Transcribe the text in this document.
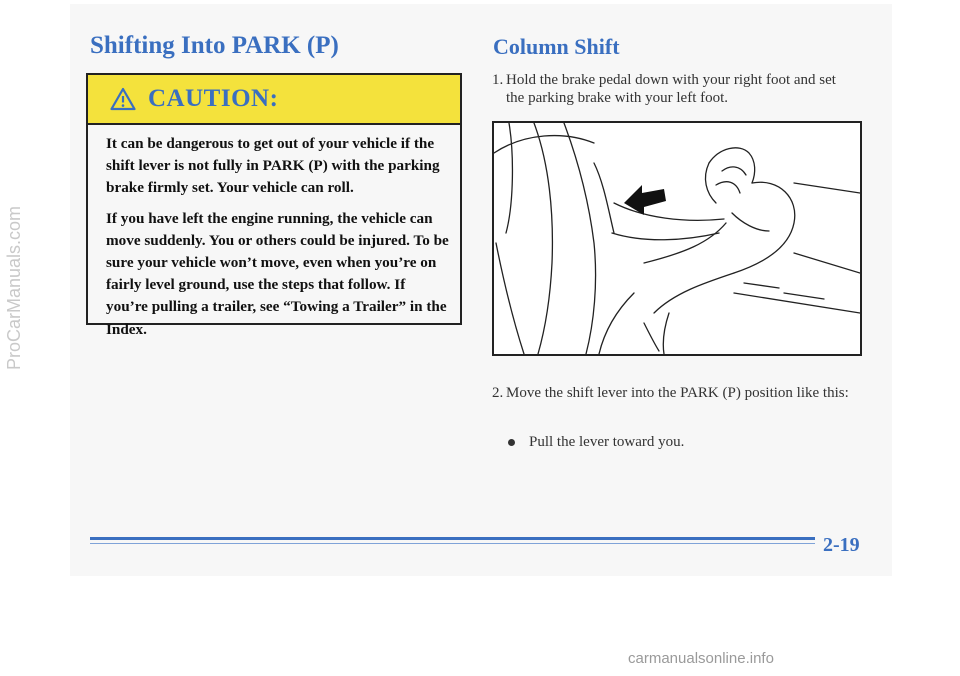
Shifting Into PARK (P)
CAUTION:

It can be dangerous to get out of your vehicle if the shift lever is not fully in PARK (P) with the parking brake firmly set. Your vehicle can roll.

If you have left the engine running, the vehicle can move suddenly. You or others could be injured. To be sure your vehicle won’t move, even when you’re on fairly level ground, use the steps that follow. If you’re pulling a trailer, see “Towing a Trailer” in the Index.

Column Shift
1. Hold the brake pedal down with your right foot and set the parking brake with your left foot.
2. Move the shift lever into the PARK (P) position like this:
Pull the lever toward you.
2-19
ProCarManuals.com
carmanualsonline.info
